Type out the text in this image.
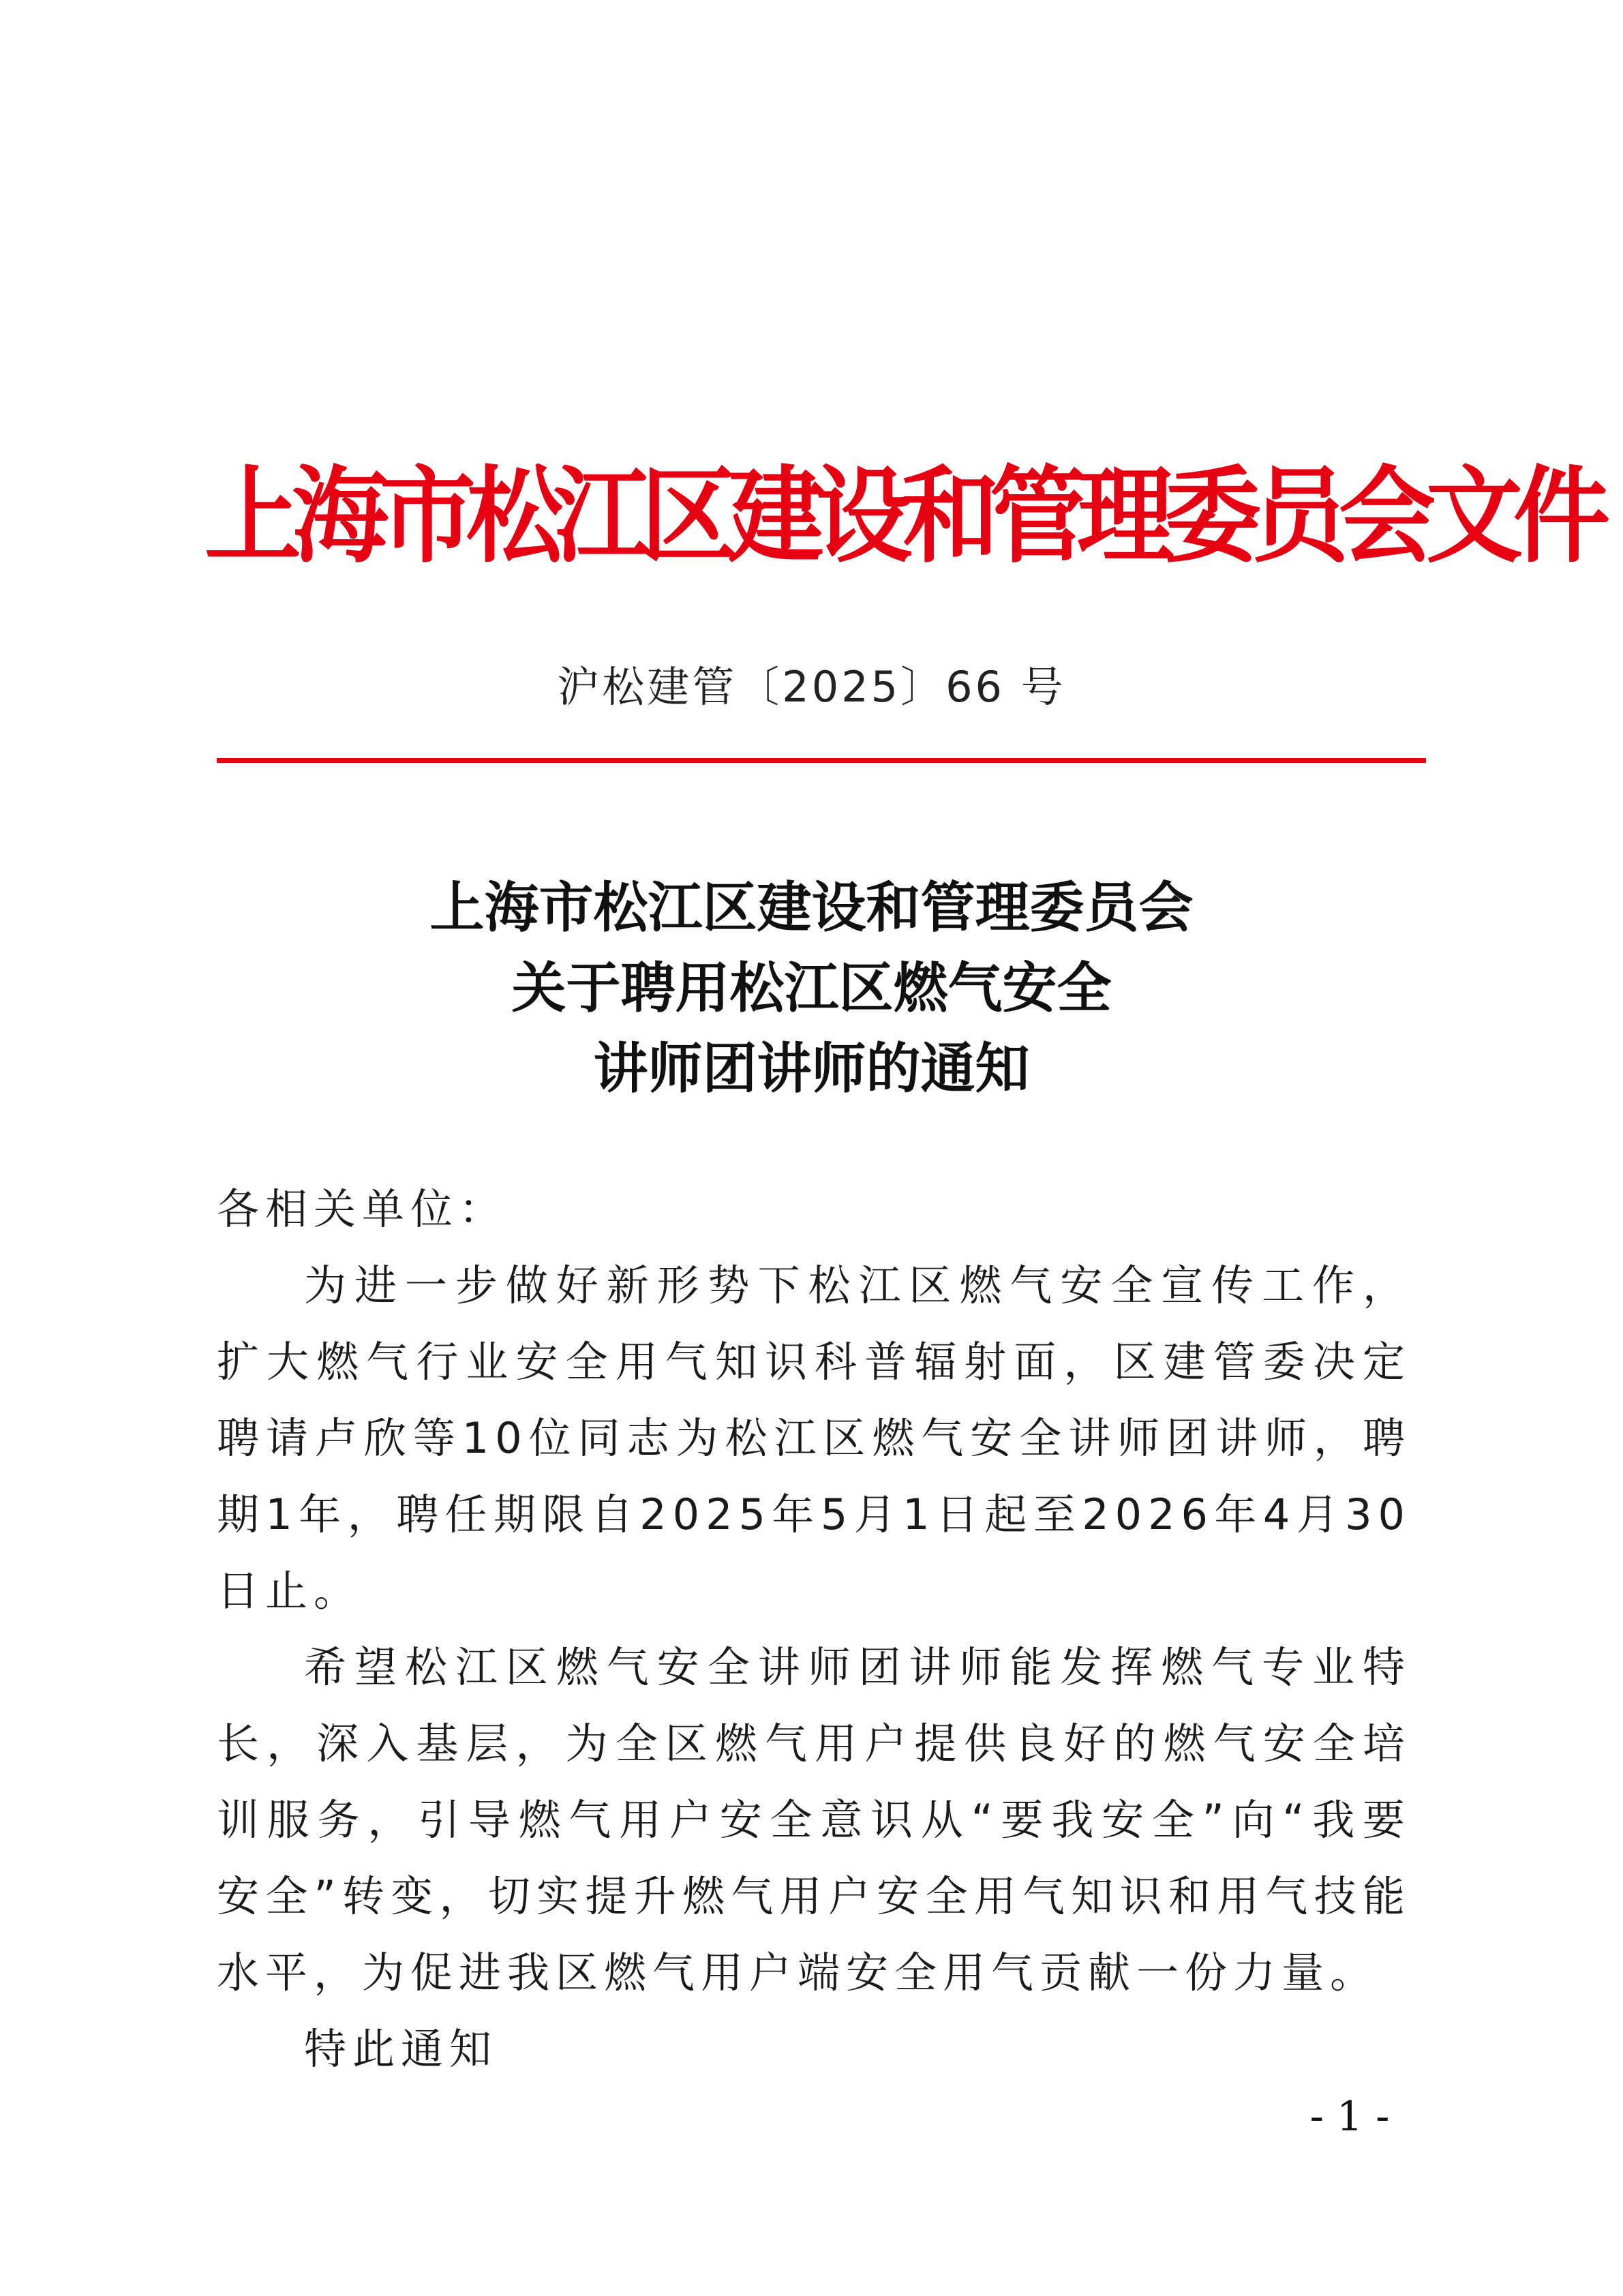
上海市松江区建设和管理委员会文件
沪松建管〔2025〕66 号
上海市松江区建设和管理委员会
关于聘用松江区燃气安全
讲师团讲师的通知

各相关单位：

为进一步做好新形势下松江区燃气安全宣传工作，扩大燃气行业安全用气知识科普辐射面，区建管委决定聘请卢欣等10位同志为松江区燃气安全讲师团讲师，聘期1年，聘任期限自2025年5月1日起至2026年4月30日止。

希望松江区燃气安全讲师团讲师能发挥燃气专业特长，深入基层，为全区燃气用户提供良好的燃气安全培训服务，引导燃气用户安全意识从“要我安全”向“我要安全”转变，切实提升燃气用户安全用气知识和用气技能水平，为促进我区燃气用户端安全用气贡献一份力量。

特此通知

- 1 -
